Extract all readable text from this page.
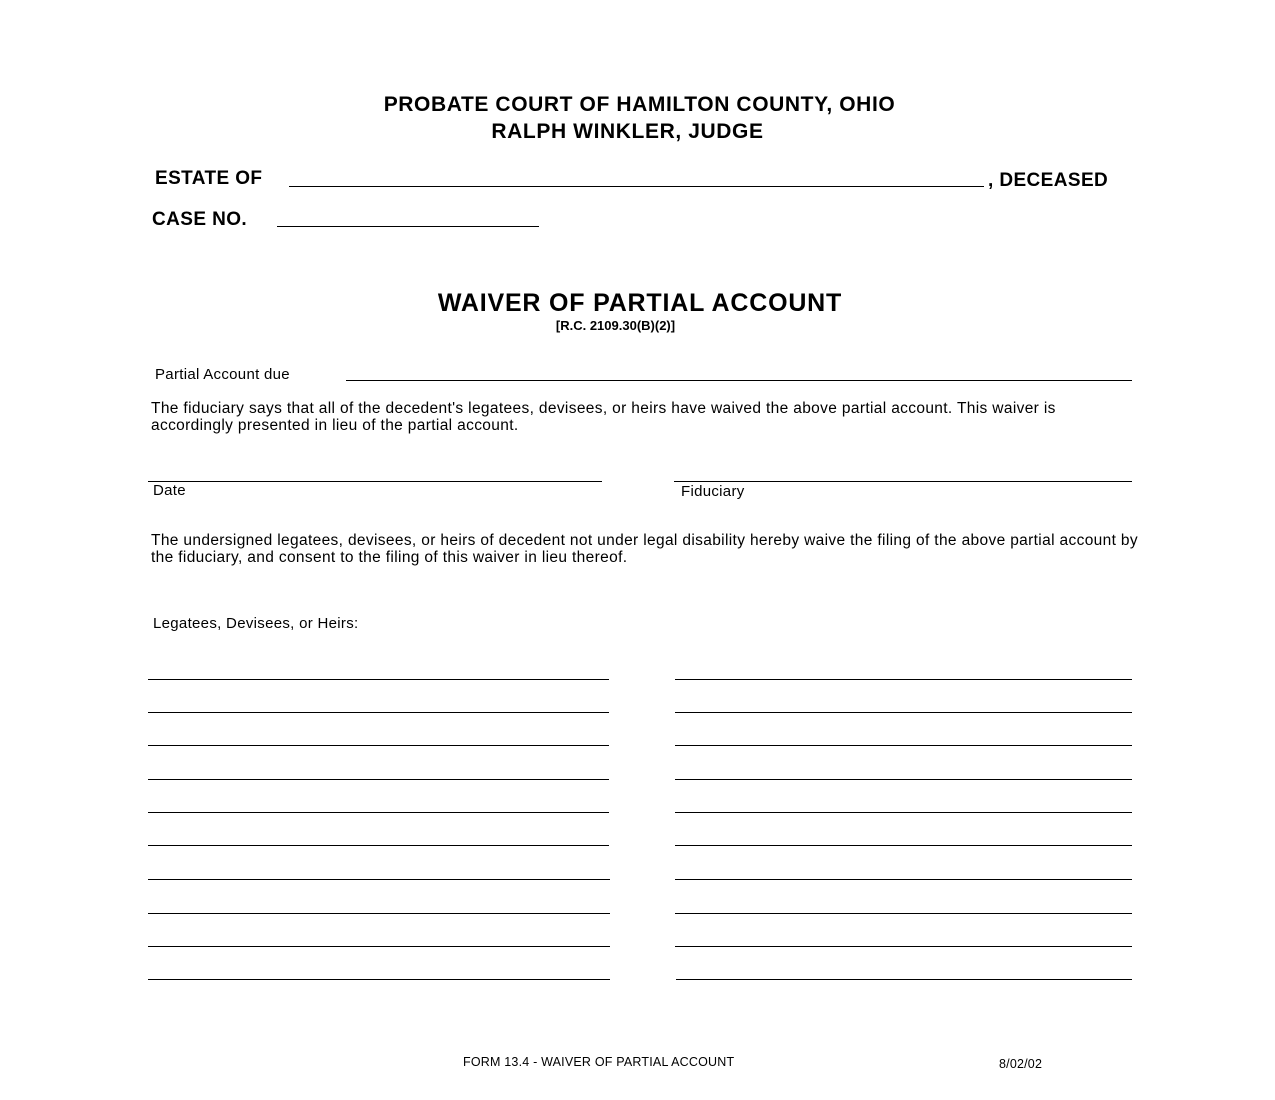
PROBATE COURT OF HAMILTON COUNTY, OHIO
RALPH WINKLER, JUDGE
ESTATE OF	, DECEASED
CASE NO.
WAIVER OF PARTIAL ACCOUNT
[R.C. 2109.30(B)(2)]
Partial Account due
The fiduciary says that all of the decedent's legatees, devisees, or heirs have waived the above partial account. This waiver is accordingly presented in lieu of the partial account.
Date	Fiduciary
The undersigned legatees, devisees, or heirs of decedent not under legal disability hereby waive the filing of the above partial account by the fiduciary, and consent to the filing of this waiver in lieu thereof.
Legatees, Devisees, or Heirs:
FORM 13.4 - WAIVER OF PARTIAL ACCOUNT	8/02/02
